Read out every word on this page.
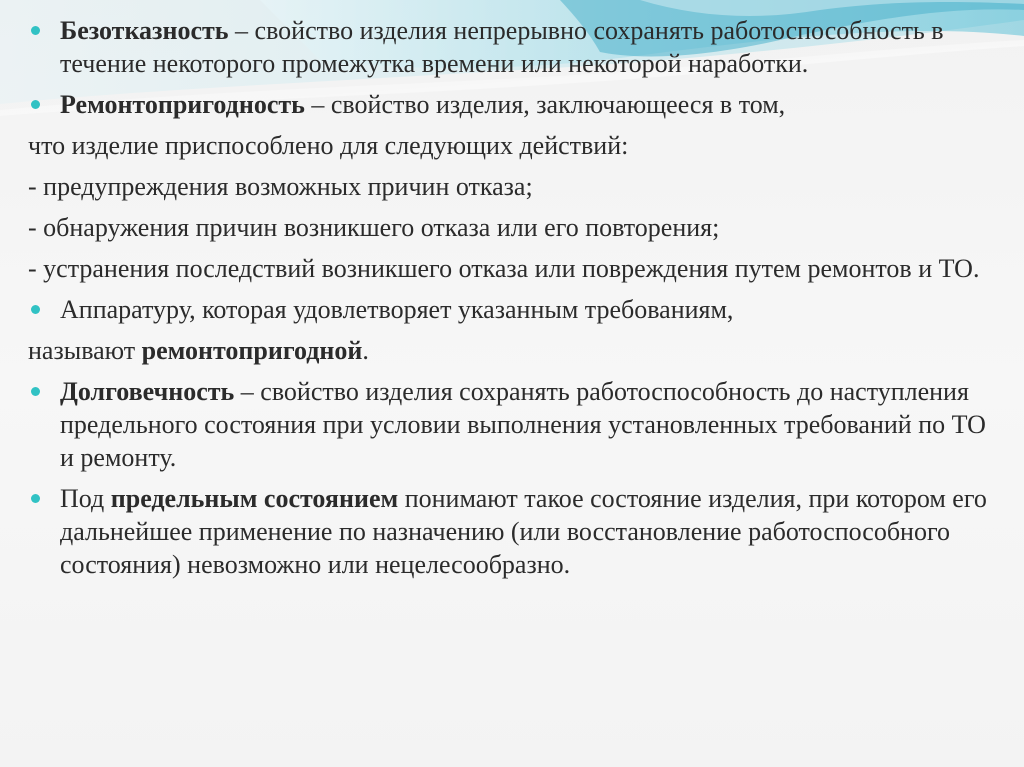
Безотказность – свойство изделия непрерывно сохранять работоспособность в течение некоторого промежутка времени или некоторой наработки.
Ремонтопригодность – свойство изделия, заключающееся в том,
что изделие приспособлено для следующих действий:
- предупреждения возможных причин отказа;
- обнаружения причин возникшего отказа или его повторения;
- устранения последствий возникшего отказа или повреждения путем ремонтов и ТО.
Аппаратуру, которая удовлетворяет указанным требованиям,
называют ремонтопригодной.
Долговечность – свойство изделия сохранять работоспособность до наступления предельного состояния при условии выполнения установленных требований по ТО и ремонту.
Под предельным состоянием понимают такое состояние изделия, при котором его дальнейшее применение по назначению (или восстановление работоспособного состояния) невозможно или нецелесообразно.
